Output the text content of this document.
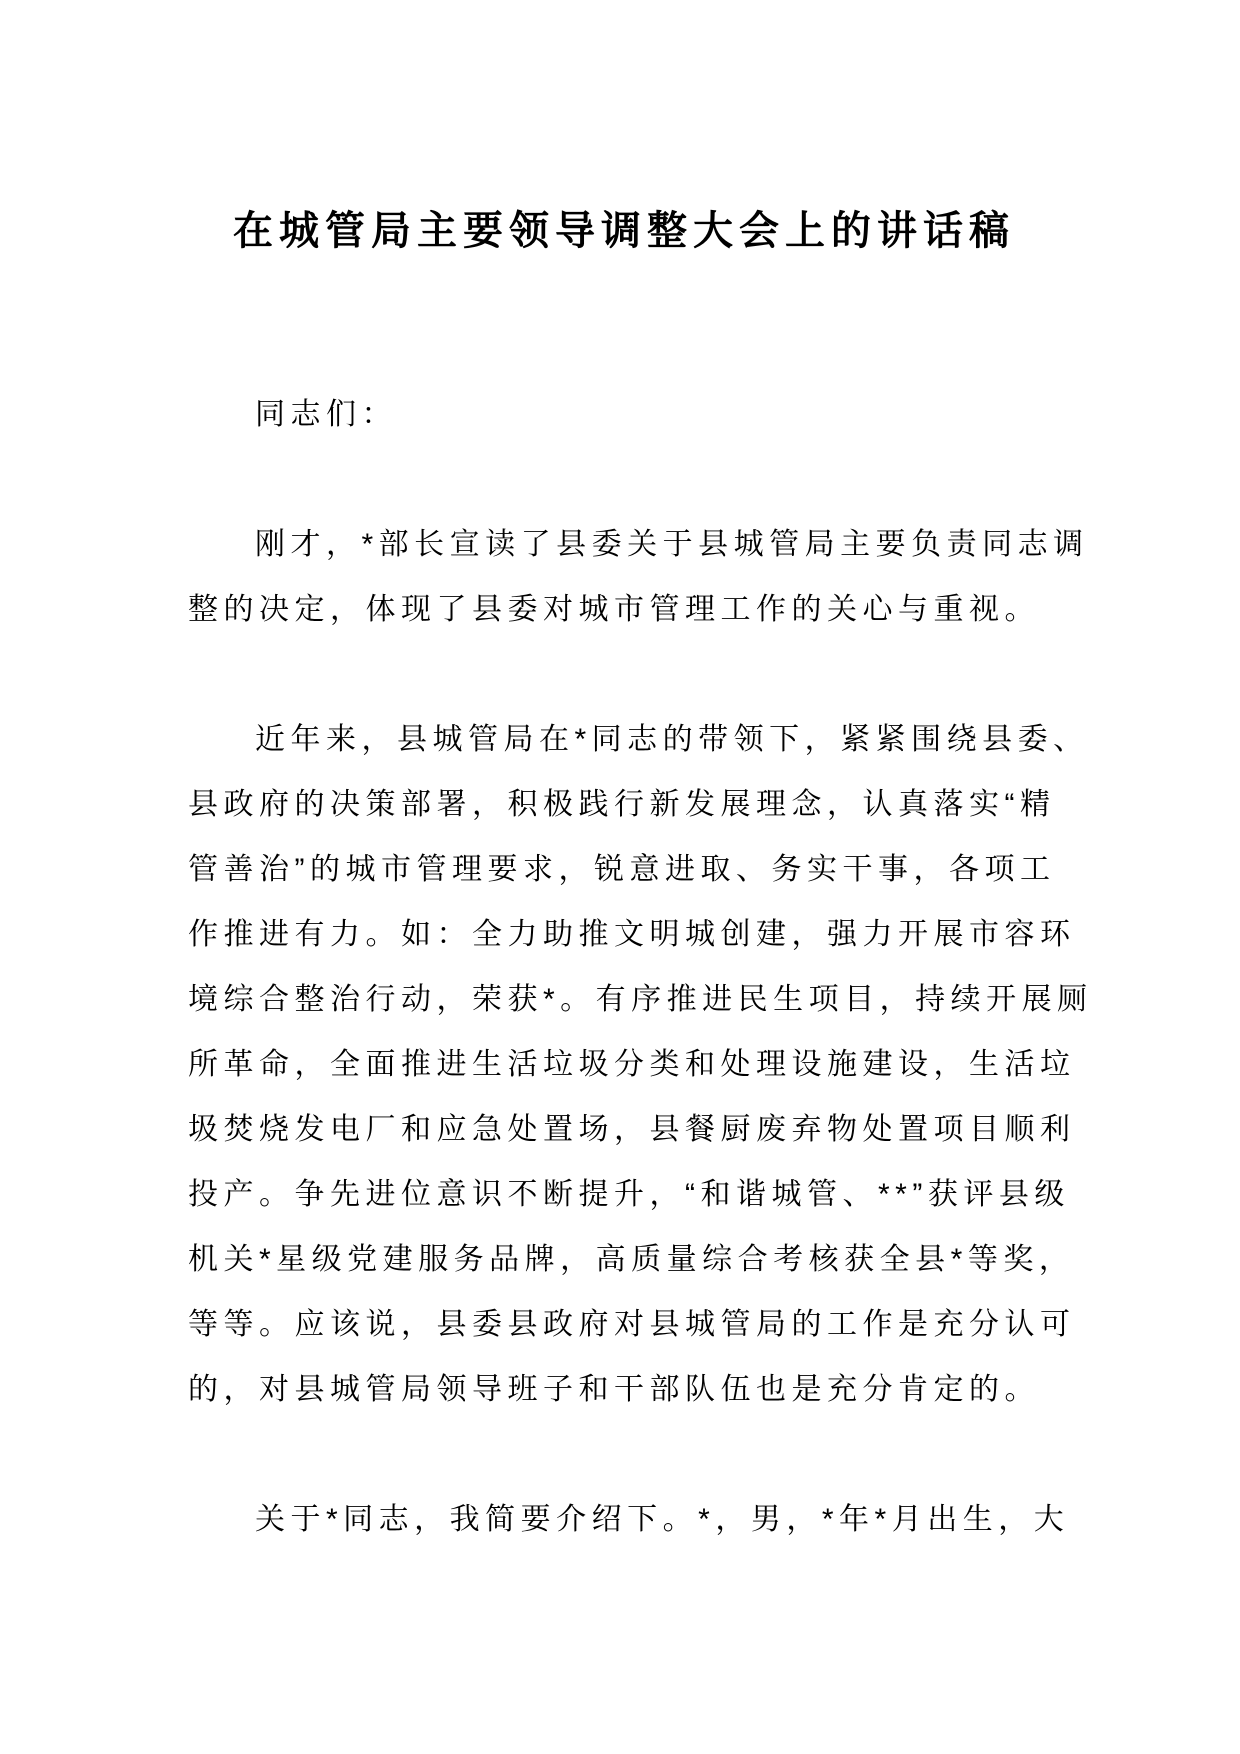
在城管局主要领导调整大会上的讲话稿
同志们：
刚才，*部长宣读了县委关于县城管局主要负责同志调
整的决定，体现了县委对城市管理工作的关心与重视。
近年来，县城管局在*同志的带领下，紧紧围绕县委、
县政府的决策部署，积极践行新发展理念，认真落实“精
管善治”的城市管理要求，锐意进取、务实干事，各项工
作推进有力。如：全力助推文明城创建，强力开展市容环
境综合整治行动，荣获*。有序推进民生项目，持续开展厕
所革命，全面推进生活垃圾分类和处理设施建设，生活垃
圾焚烧发电厂和应急处置场，县餐厨废弃物处置项目顺利
投产。争先进位意识不断提升，“和谐城管、**”获评县级
机关*星级党建服务品牌，高质量综合考核获全县*等奖，
等等。应该说，县委县政府对县城管局的工作是充分认可
的，对县城管局领导班子和干部队伍也是充分肯定的。
关于*同志，我简要介绍下。*，男，*年*月出生，大
